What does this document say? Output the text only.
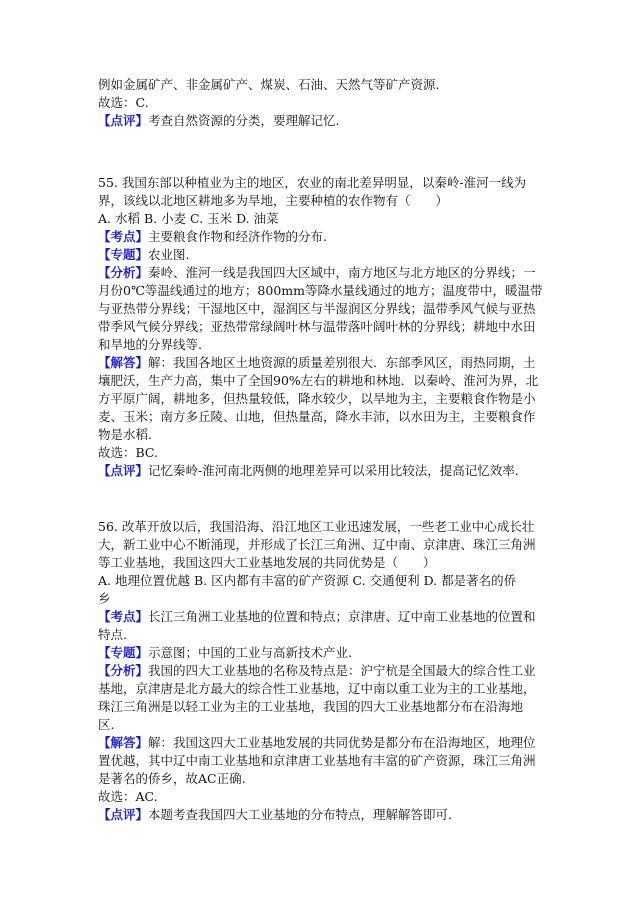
例如金属矿产、非金属矿产、煤炭、石油、天然气等矿产资源.
故选：C.
【点评】考查自然资源的分类，要理解记忆.
55. 我国东部以种植业为主的地区，农业的南北差异明显，以秦岭-淮河一线为
界，该线以北地区耕地多为旱地，主要种植的农作物有（　　）
A. 水稻 B. 小麦 C. 玉米 D. 油菜
【考点】主要粮食作物和经济作物的分布.
【专题】农业图.
【分析】秦岭、淮河一线是我国四大区域中，南方地区与北方地区的分界线；一
月份0℃等温线通过的地方；800mm等降水量线通过的地方；温度带中，暖温带
与亚热带分界线；干湿地区中，湿润区与半湿润区分界线；温带季风气候与亚热
带季风气候分界线；亚热带常绿阔叶林与温带落叶阔叶林的分界线；耕地中水田
和旱地的分界线等.
【解答】解：我国各地区土地资源的质量差别很大．东部季风区，雨热同期，土
壤肥沃，生产力高，集中了全国90%左右的耕地和林地．以秦岭、淮河为界，北
方平原广阔，耕地多，但热量较低，降水较少，以旱地为主，主要粮食作物是小
麦、玉米；南方多丘陵、山地，但热量高，降水丰沛，以水田为主，主要粮食作
物是水稻.
故选：BC.
【点评】记忆秦岭-淮河南北两侧的地理差异可以采用比较法，提高记忆效率.
56. 改革开放以后，我国沿海、沿江地区工业迅速发展，一些老工业中心成长壮
大，新工业中心不断涌现，并形成了长江三角洲、辽中南、京津唐、珠江三角洲
等工业基地，我国这四大工业基地发展的共同优势是（　　）
A. 地理位置优越 B. 区内都有丰富的矿产资源 C. 交通便利 D. 都是著名的侨
乡
【考点】长江三角洲工业基地的位置和特点；京津唐、辽中南工业基地的位置和
特点.
【专题】示意图；中国的工业与高新技术产业.
【分析】我国的四大工业基地的名称及特点是：沪宁杭是全国最大的综合性工业
基地，京津唐是北方最大的综合性工业基地，辽中南以重工业为主的工业基地，
珠江三角洲是以轻工业为主的工业基地，我国的四大工业基地都分布在沿海地
区.
【解答】解：我国这四大工业基地发展的共同优势是都分布在沿海地区，地理位
置优越，其中辽中南工业基地和京津唐工业基地有丰富的矿产资源，珠江三角洲
是著名的侨乡，故AC正确.
故选：AC.
【点评】本题考查我国四大工业基地的分布特点，理解解答即可.
